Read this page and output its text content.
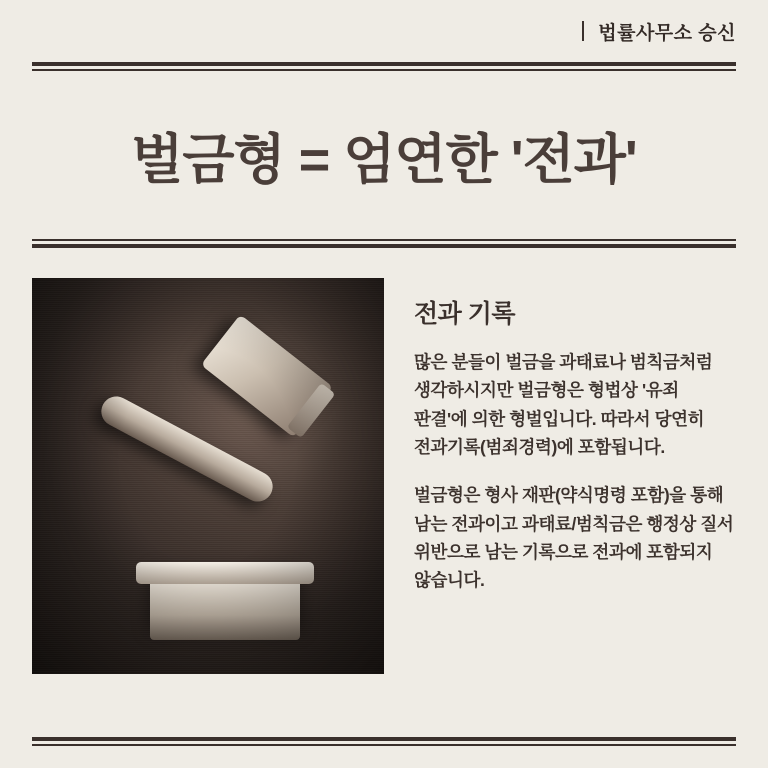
법률사무소 승신
벌금형 = 엄연한 '전과'
전과 기록

많은 분들이 벌금을 과태료나 범칙금처럼 생각하시지만 벌금형은 형법상 '유죄 판결'에 의한 형벌입니다. 따라서 당연히 전과기록(범죄경력)에 포함됩니다.

벌금형은 형사 재판(약식명령 포함)을 통해 남는 전과이고 과태료/범칙금은 행정상 질서 위반으로 남는 기록으로 전과에 포함되지 않습니다.
